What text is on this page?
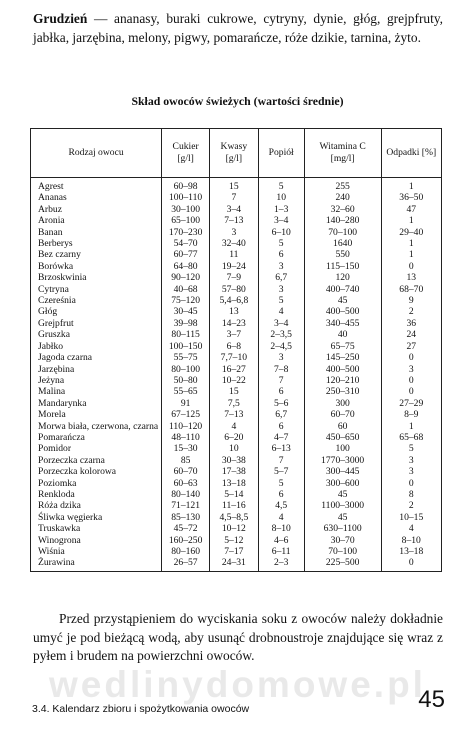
Grudzień — ananasy, buraki cukrowe, cytryny, dynie, głóg, grejpfruty, jabłka, jarzębina, melony, pigwy, pomarańcze, róże dzikie, tarnina, żyto.
Skład owoców świeżych (wartości średnie)
Rodzaj owocu	Cukier [g/l]	Kwasy [g/l]	Popiół	Witamina C [mg/l]	Odpadki [%]
Agrest	60–98	15	5	255	1
Ananas	100–110	7	10	240	36–50
Arbuz	30–100	3–4	1–3	32–60	47
Aronia	65–100	7–13	3–4	140–280	1
Banan	170–230	3	6–10	70–100	29–40
Berberys	54–70	32–40	5	1640	1
Bez czarny	60–77	11	6	550	1
Borówka	64–80	19–24	3	115–150	0
Brzoskwinia	90–120	7–9	6,7	120	13
Cytryna	40–68	57–80	3	400–740	68–70
Czereśnia	75–120	5,4–6,8	5	45	9
Głóg	30–45	13	4	400–500	2
Grejpfrut	39–98	14–23	3–4	340–455	36
Gruszka	80–115	3–7	2–3,5	40	24
Jabłko	100–150	6–8	2–4,5	65–75	27
Jagoda czarna	55–75	7,7–10	3	145–250	0
Jarzębina	80–100	16–27	7–8	400–500	3
Jeżyna	50–80	10–22	7	120–210	0
Malina	55–65	15	6	250–310	0
Mandarynka	91	7,5	5–6	300	27–29
Morela	67–125	7–13	6,7	60–70	8–9
Morwa biała, czerwona, czarna	110–120	4	6	60	1
Pomarańcza	48–110	6–20	4–7	450–650	65–68
Pomidor	15–30	10	6–13	100	5
Porzeczka czarna	85	30–38	7	1770–3000	3
Porzeczka kolorowa	60–70	17–38	5–7	300–445	3
Poziomka	60–63	13–18	5	300–600	0
Renkloda	80–140	5–14	6	45	8
Róża dzika	71–121	11–16	4,5	1100–3000	2
Śliwka węgierka	85–130	4,5–8,5	4	45	10–15
Truskawka	45–72	10–12	8–10	630–1100	4
Winogrona	160–250	5–12	4–6	30–70	8–10
Wiśnia	80–160	7–17	6–11	70–100	13–18
Żurawina	26–57	24–31	2–3	225–500	0
Przed przystąpieniem do wyciskania soku z owoców należy dokładnie umyć je pod bieżącą wodą, aby usunąć drobnoustroje znajdujące się wraz z pyłem i brudem na powierzchni owoców.
wedlinydomowe.pl
3.4. Kalendarz zbioru i spożytkowania owoców	45
